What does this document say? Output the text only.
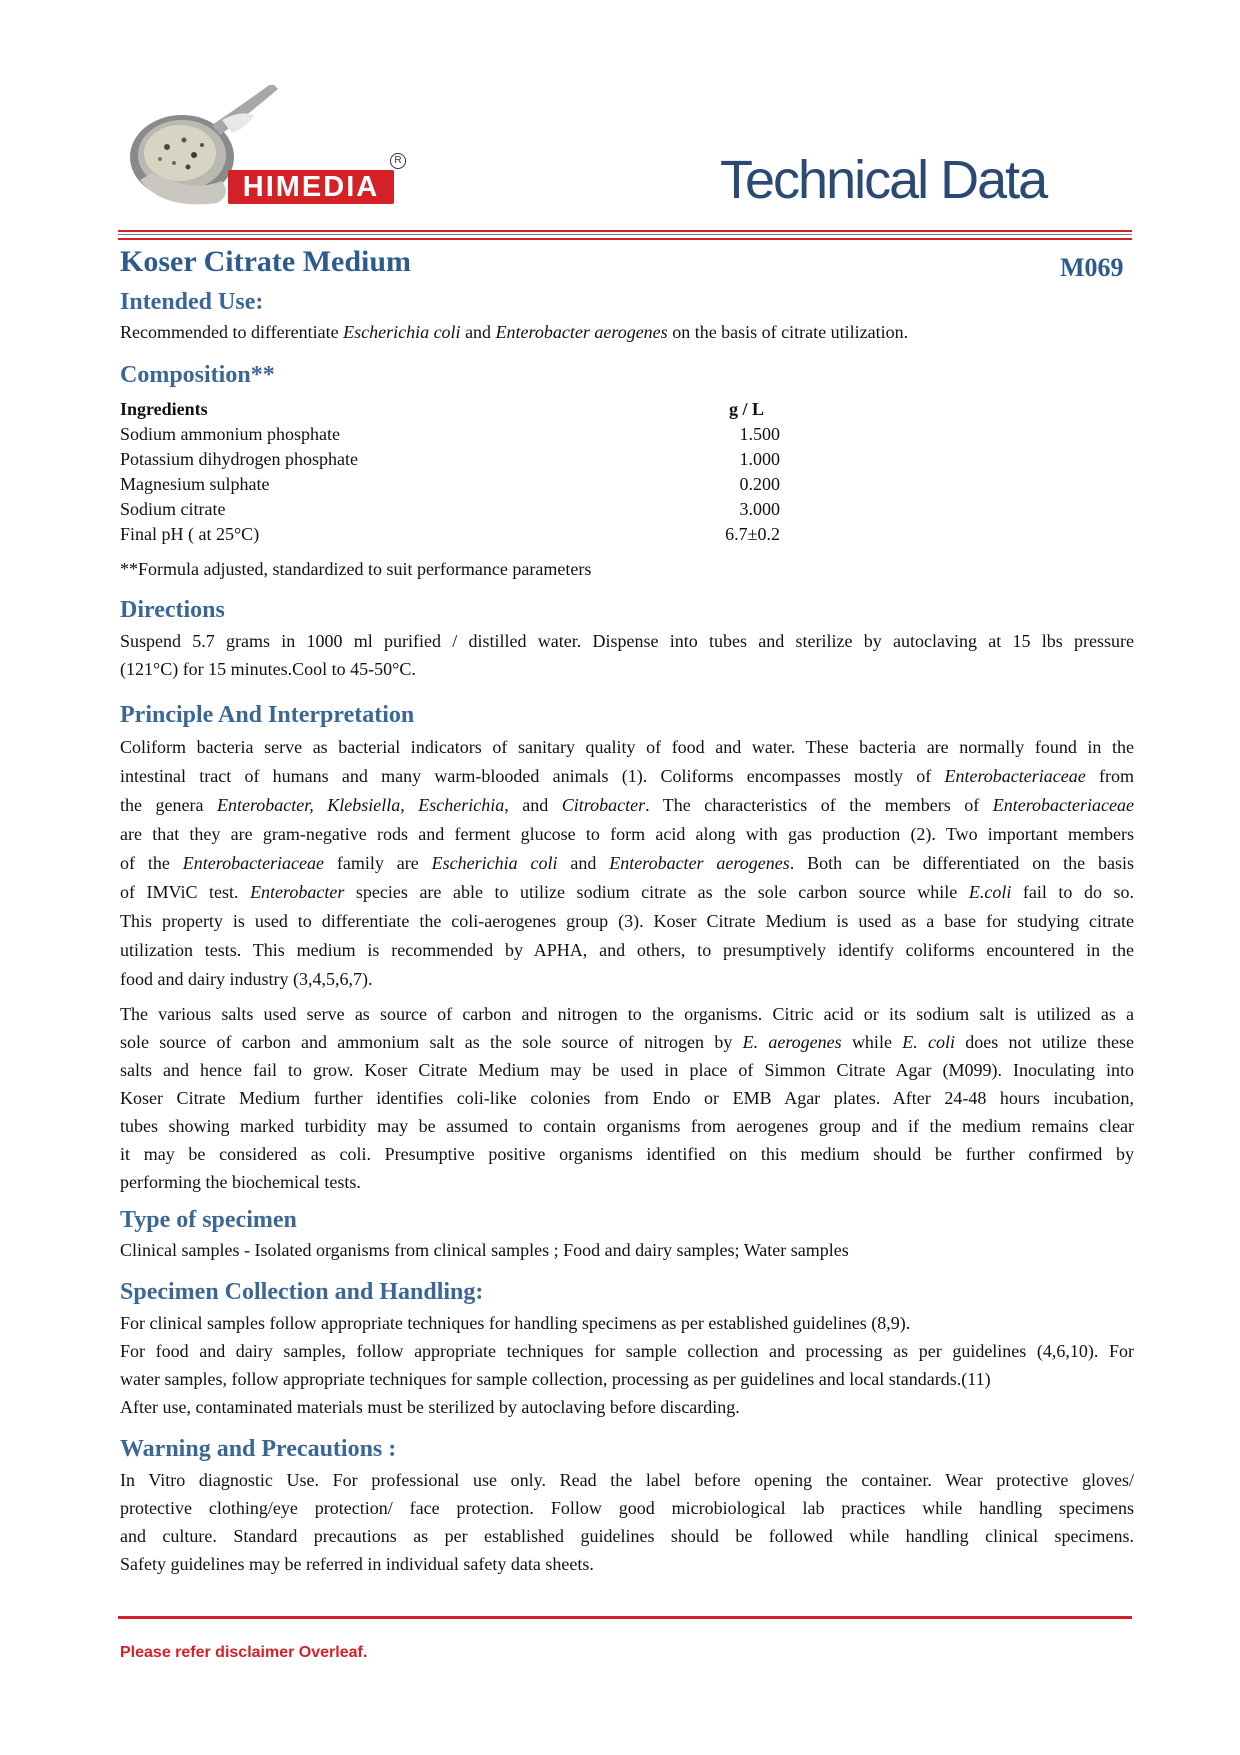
HIMEDIA
R	Technical Data
Koser Citrate Medium	M069
Intended Use:

Recommended to differentiate Escherichia coli and Enterobacter aerogenes on the basis of citrate utilization.

Composition**
Ingredients	g / L
Sodium ammonium phosphate	1.500
Potassium dihydrogen phosphate	1.000
Magnesium sulphate	0.200
Sodium citrate	3.000
Final pH ( at 25°C)	6.7±0.2

**Formula adjusted, standardized to suit performance parameters

Directions

Suspend 5.7 grams in 1000 ml purified / distilled water. Dispense into tubes and sterilize by autoclaving at 15 lbs pressure
(121°C) for 15 minutes.Cool to 45-50°C.

Principle And Interpretation

Coliform bacteria serve as bacterial indicators of sanitary quality of food and water. These bacteria are normally found in the
intestinal tract of humans and many warm-blooded animals (1). Coliforms encompasses mostly of Enterobacteriaceae from
the genera Enterobacter, Klebsiella, Escherichia, and Citrobacter. The characteristics of the members of Enterobacteriaceae
are that they are gram-negative rods and ferment glucose to form acid along with gas production (2). Two important members
of the Enterobacteriaceae family are Escherichia coli and Enterobacter aerogenes. Both can be differentiated on the basis
of IMViC test. Enterobacter species are able to utilize sodium citrate as the sole carbon source while E.coli fail to do so.
This property is used to differentiate the coli-aerogenes group (3). Koser Citrate Medium is used as a base for studying citrate
utilization tests. This medium is recommended by APHA, and others, to presumptively identify coliforms encountered in the
food and dairy industry (3,4,5,6,7).

The various salts used serve as source of carbon and nitrogen to the organisms. Citric acid or its sodium salt is utilized as a
sole source of carbon and ammonium salt as the sole source of nitrogen by E. aerogenes while E. coli does not utilize these
salts and hence fail to grow. Koser Citrate Medium may be used in place of Simmon Citrate Agar (M099). Inoculating into
Koser Citrate Medium further identifies coli-like colonies from Endo or EMB Agar plates. After 24-48 hours incubation,
tubes showing marked turbidity may be assumed to contain organisms from aerogenes group and if the medium remains clear
it may be considered as coli. Presumptive positive organisms identified on this medium should be further confirmed by
performing the biochemical tests.

Type of specimen

Clinical samples - Isolated organisms from clinical samples ; Food and dairy samples; Water samples

Specimen Collection and Handling:

For clinical samples follow appropriate techniques for handling specimens as per established guidelines (8,9).
For food and dairy samples, follow appropriate techniques for sample collection and processing as per guidelines (4,6,10). For
water samples, follow appropriate techniques for sample collection, processing as per guidelines and local standards.(11)
After use, contaminated materials must be sterilized by autoclaving before discarding.

Warning and Precautions :

In Vitro diagnostic Use. For professional use only. Read the label before opening the container. Wear protective gloves/
protective clothing/eye protection/ face protection. Follow good microbiological lab practices while handling specimens
and culture. Standard precautions as per established guidelines should be followed while handling clinical specimens.
Safety guidelines may be referred in individual safety data sheets.

Please refer disclaimer Overleaf.
